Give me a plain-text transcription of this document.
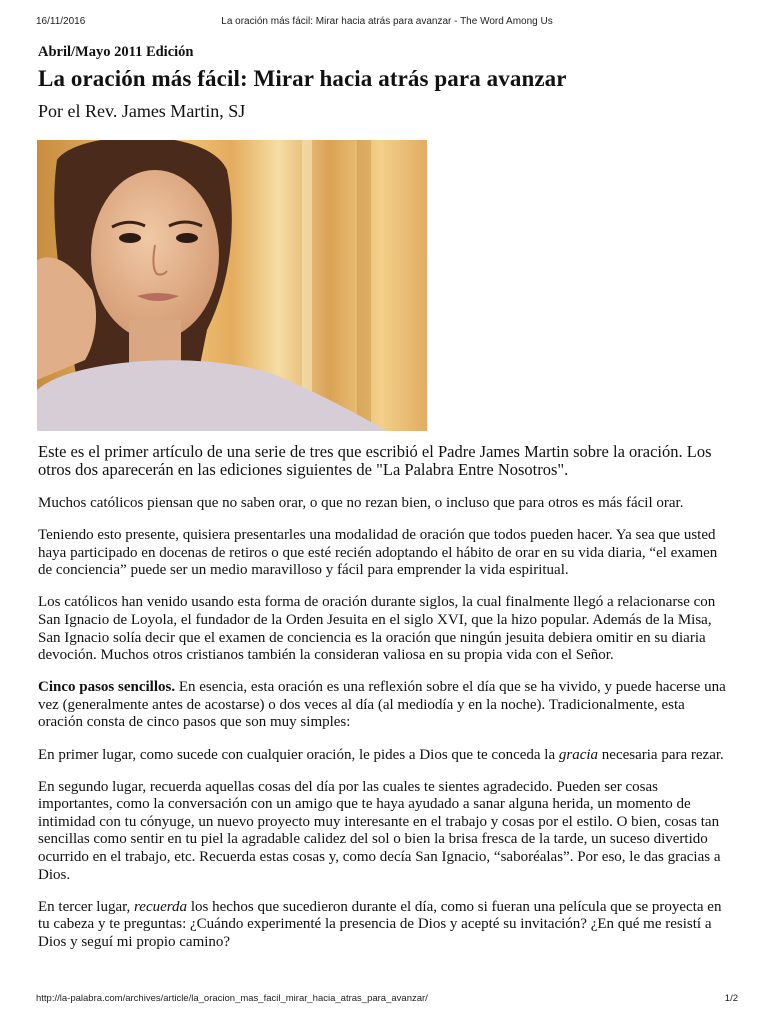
16/11/2016	La oración más fácil: Mirar hacia atrás para avanzar - The Word Among Us
Abril/Mayo 2011 Edición
La oración más fácil: Mirar hacia atrás para avanzar
Por el Rev. James Martin, SJ

Este es el primer artículo de una serie de tres que escribió el Padre James Martin sobre la oración. Los otros dos aparecerán en las ediciones siguientes de "La Palabra Entre Nosotros".

Muchos católicos piensan que no saben orar, o que no rezan bien, o incluso que para otros es más fácil orar.

Teniendo esto presente, quisiera presentarles una modalidad de oración que todos pueden hacer. Ya sea que usted haya participado en docenas de retiros o que esté recién adoptando el hábito de orar en su vida diaria, “el examen de conciencia” puede ser un medio maravilloso y fácil para emprender la vida espiritual.

Los católicos han venido usando esta forma de oración durante siglos, la cual finalmente llegó a relacionarse con San Ignacio de Loyola, el fundador de la Orden Jesuita en el siglo XVI, que la hizo popular. Además de la Misa, San Ignacio solía decir que el examen de conciencia es la oración que ningún jesuita debiera omitir en su diaria devoción. Muchos otros cristianos también la consideran valiosa en su propia vida con el Señor.

Cinco pasos sencillos. En esencia, esta oración es una reflexión sobre el día que se ha vivido, y puede hacerse una vez (generalmente antes de acostarse) o dos veces al día (al mediodía y en la noche). Tradicionalmente, esta oración consta de cinco pasos que son muy simples:

En primer lugar, como sucede con cualquier oración, le pides a Dios que te conceda la gracia necesaria para rezar.

En segundo lugar, recuerda aquellas cosas del día por las cuales te sientes agradecido. Pueden ser cosas importantes, como la conversación con un amigo que te haya ayudado a sanar alguna herida, un momento de intimidad con tu cónyuge, un nuevo proyecto muy interesante en el trabajo y cosas por el estilo. O bien, cosas tan sencillas como sentir en tu piel la agradable calidez del sol o bien la brisa fresca de la tarde, un suceso divertido ocurrido en el trabajo, etc. Recuerda estas cosas y, como decía San Ignacio, “saboréalas”. Por eso, le das gracias a Dios.

En tercer lugar, recuerda los hechos que sucedieron durante el día, como si fueran una película que se proyecta en tu cabeza y te preguntas: ¿Cuándo experimenté la presencia de Dios y acepté su invitación? ¿En qué me resistí a Dios y seguí mi propio camino?

http://la-palabra.com/archives/article/la_oracion_mas_facil_mirar_hacia_atras_para_avanzar/	1/2
